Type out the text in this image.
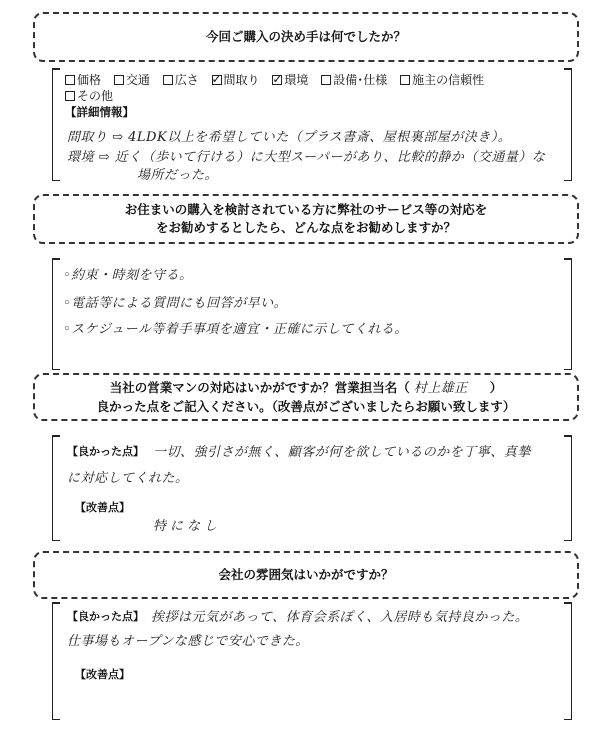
今回ご購入の決め手は何でしたか？
価格 交通 広さ ✓ 間取り ✓ 環境 設備･仕様 施主の信頼性
その他
【詳細情報】
間取り ⇨ 4LDK以上を希望していた（プラス書斎、屋根裏部屋が決き）。
環境 ⇨ 近く（歩いて行ける）に大型スーパーがあり、比較的静か（交通量）な
場所だった。
お住まいの購入を検討されている方に弊社のサービス等の対応を
をお勧めするとしたら、どんな点をお勧めしますか？
◦約束・時刻を守る。
◦電話等による質問にも回答が早い。
◦スケジュール等着手事項を適宜・正確に示してくれる。
当社の営業マンの対応はいかがですか？営業担当名（ 村上雄正 ）
良かった点をご記入ください。（改善点がございましたらお願い致します）
【良かった点】 一切、強引さが無く、顧客が何を欲しているのかを丁寧、真摯
に対応してくれた。
【改善点】
特になし
会社の雰囲気はいかがですか？
【良かった点】 挨拶は元気があって、体育会系ぽく、入居時も気持良かった。
仕事場もオープンな感じで安心できた。
【改善点】
